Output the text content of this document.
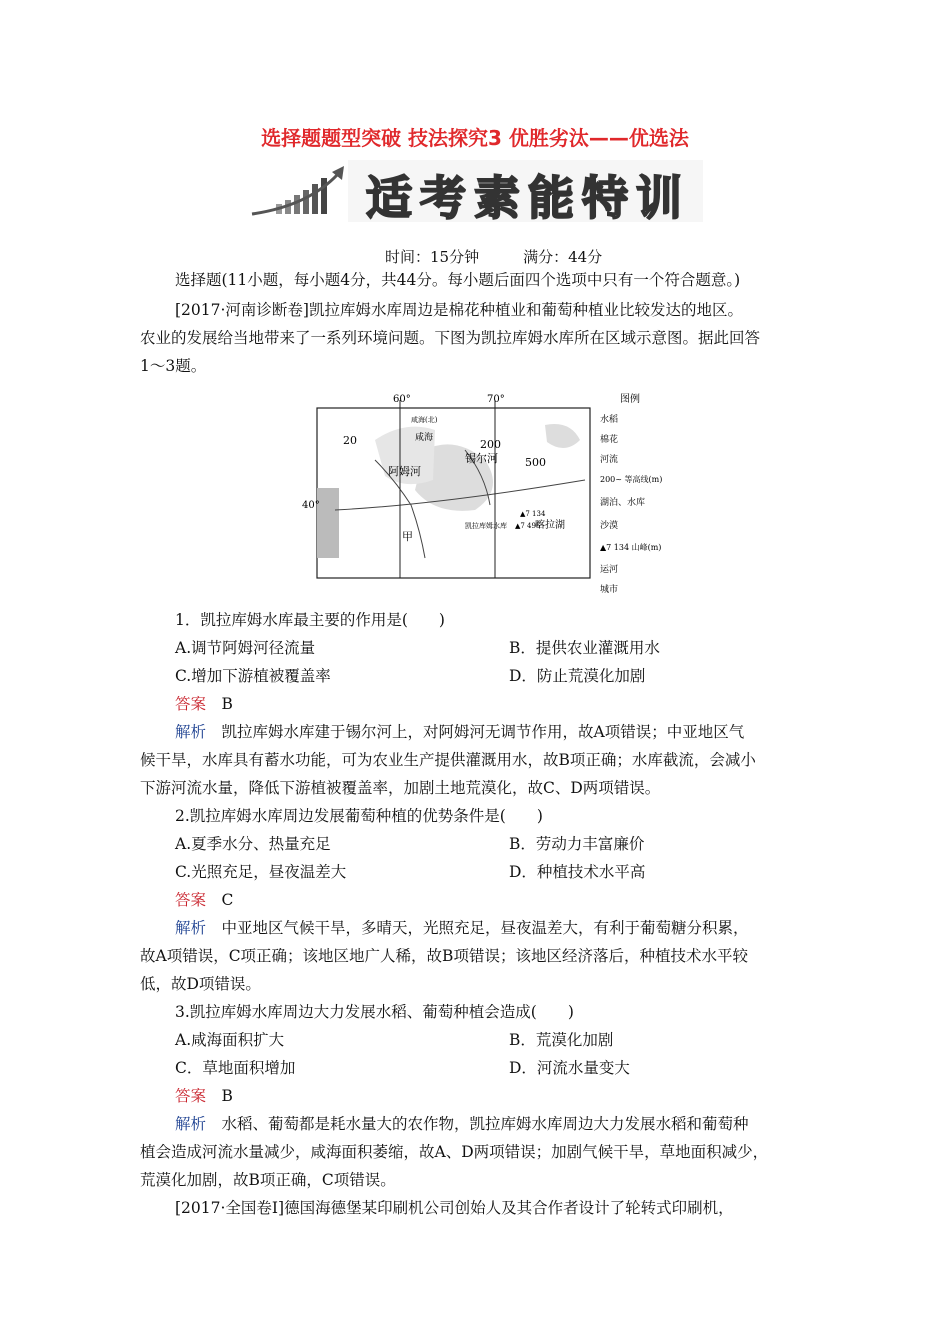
选择题题型突破 技法探究3 优胜劣汰——优选法
适考素能特训
时间：15分钟	满分：44分

选择题(11小题，每小题4分，共44分。每小题后面四个选项中只有一个符合题意。)

[2017·河南诊断卷]凯拉库姆水库周边是棉花种植业和葡萄种植业比较发达的地区。

农业的发展给当地带来了一系列环境问题。下图为凯拉库姆水库所在区域示意图。据此回答

1～3题。

60°	70°
40°
20	200
500
咸海(北)
咸海
阿姆河
锡尔河
甲
凯拉库姆水库	喀拉湖
▲7 134
▲7 495
图例
水稻
棉花
河流
200~ 等高线(m)
湖泊、水库
沙漠
▲7 134 山峰(m)
运河
城市

1．凯拉库姆水库最主要的作用是(　　)

A.调节阿姆河径流量	B．提供农业灌溉用水

C.增加下游植被覆盖率	D．防止荒漠化加剧

答案　 B

解析　 凯拉库姆水库建于锡尔河上，对阿姆河无调节作用，故A项错误；中亚地区气

候干旱，水库具有蓄水功能，可为农业生产提供灌溉用水，故B项正确；水库截流，会减小

下游河流水量，降低下游植被覆盖率，加剧土地荒漠化，故C、D两项错误。

2.凯拉库姆水库周边发展葡萄种植的优势条件是(　　)

A.夏季水分、热量充足	B．劳动力丰富廉价

C.光照充足，昼夜温差大	D．种植技术水平高

答案　 C

解析　 中亚地区气候干旱，多晴天，光照充足，昼夜温差大，有利于葡萄糖分积累，

故A项错误，C项正确；该地区地广人稀，故B项错误；该地区经济落后，种植技术水平较

低，故D项错误。

3.凯拉库姆水库周边大力发展水稻、葡萄种植会造成(　　)

A.咸海面积扩大	B．荒漠化加剧

C．草地面积增加	D．河流水量变大

答案　 B

解析　 水稻、葡萄都是耗水量大的农作物，凯拉库姆水库周边大力发展水稻和葡萄种

植会造成河流水量减少，咸海面积萎缩，故A、D两项错误；加剧气候干旱，草地面积减少，

荒漠化加剧，故B项正确，C项错误。

[2017·全国卷Ⅰ]德国海德堡某印刷机公司创始人及其合作者设计了轮转式印刷机，
